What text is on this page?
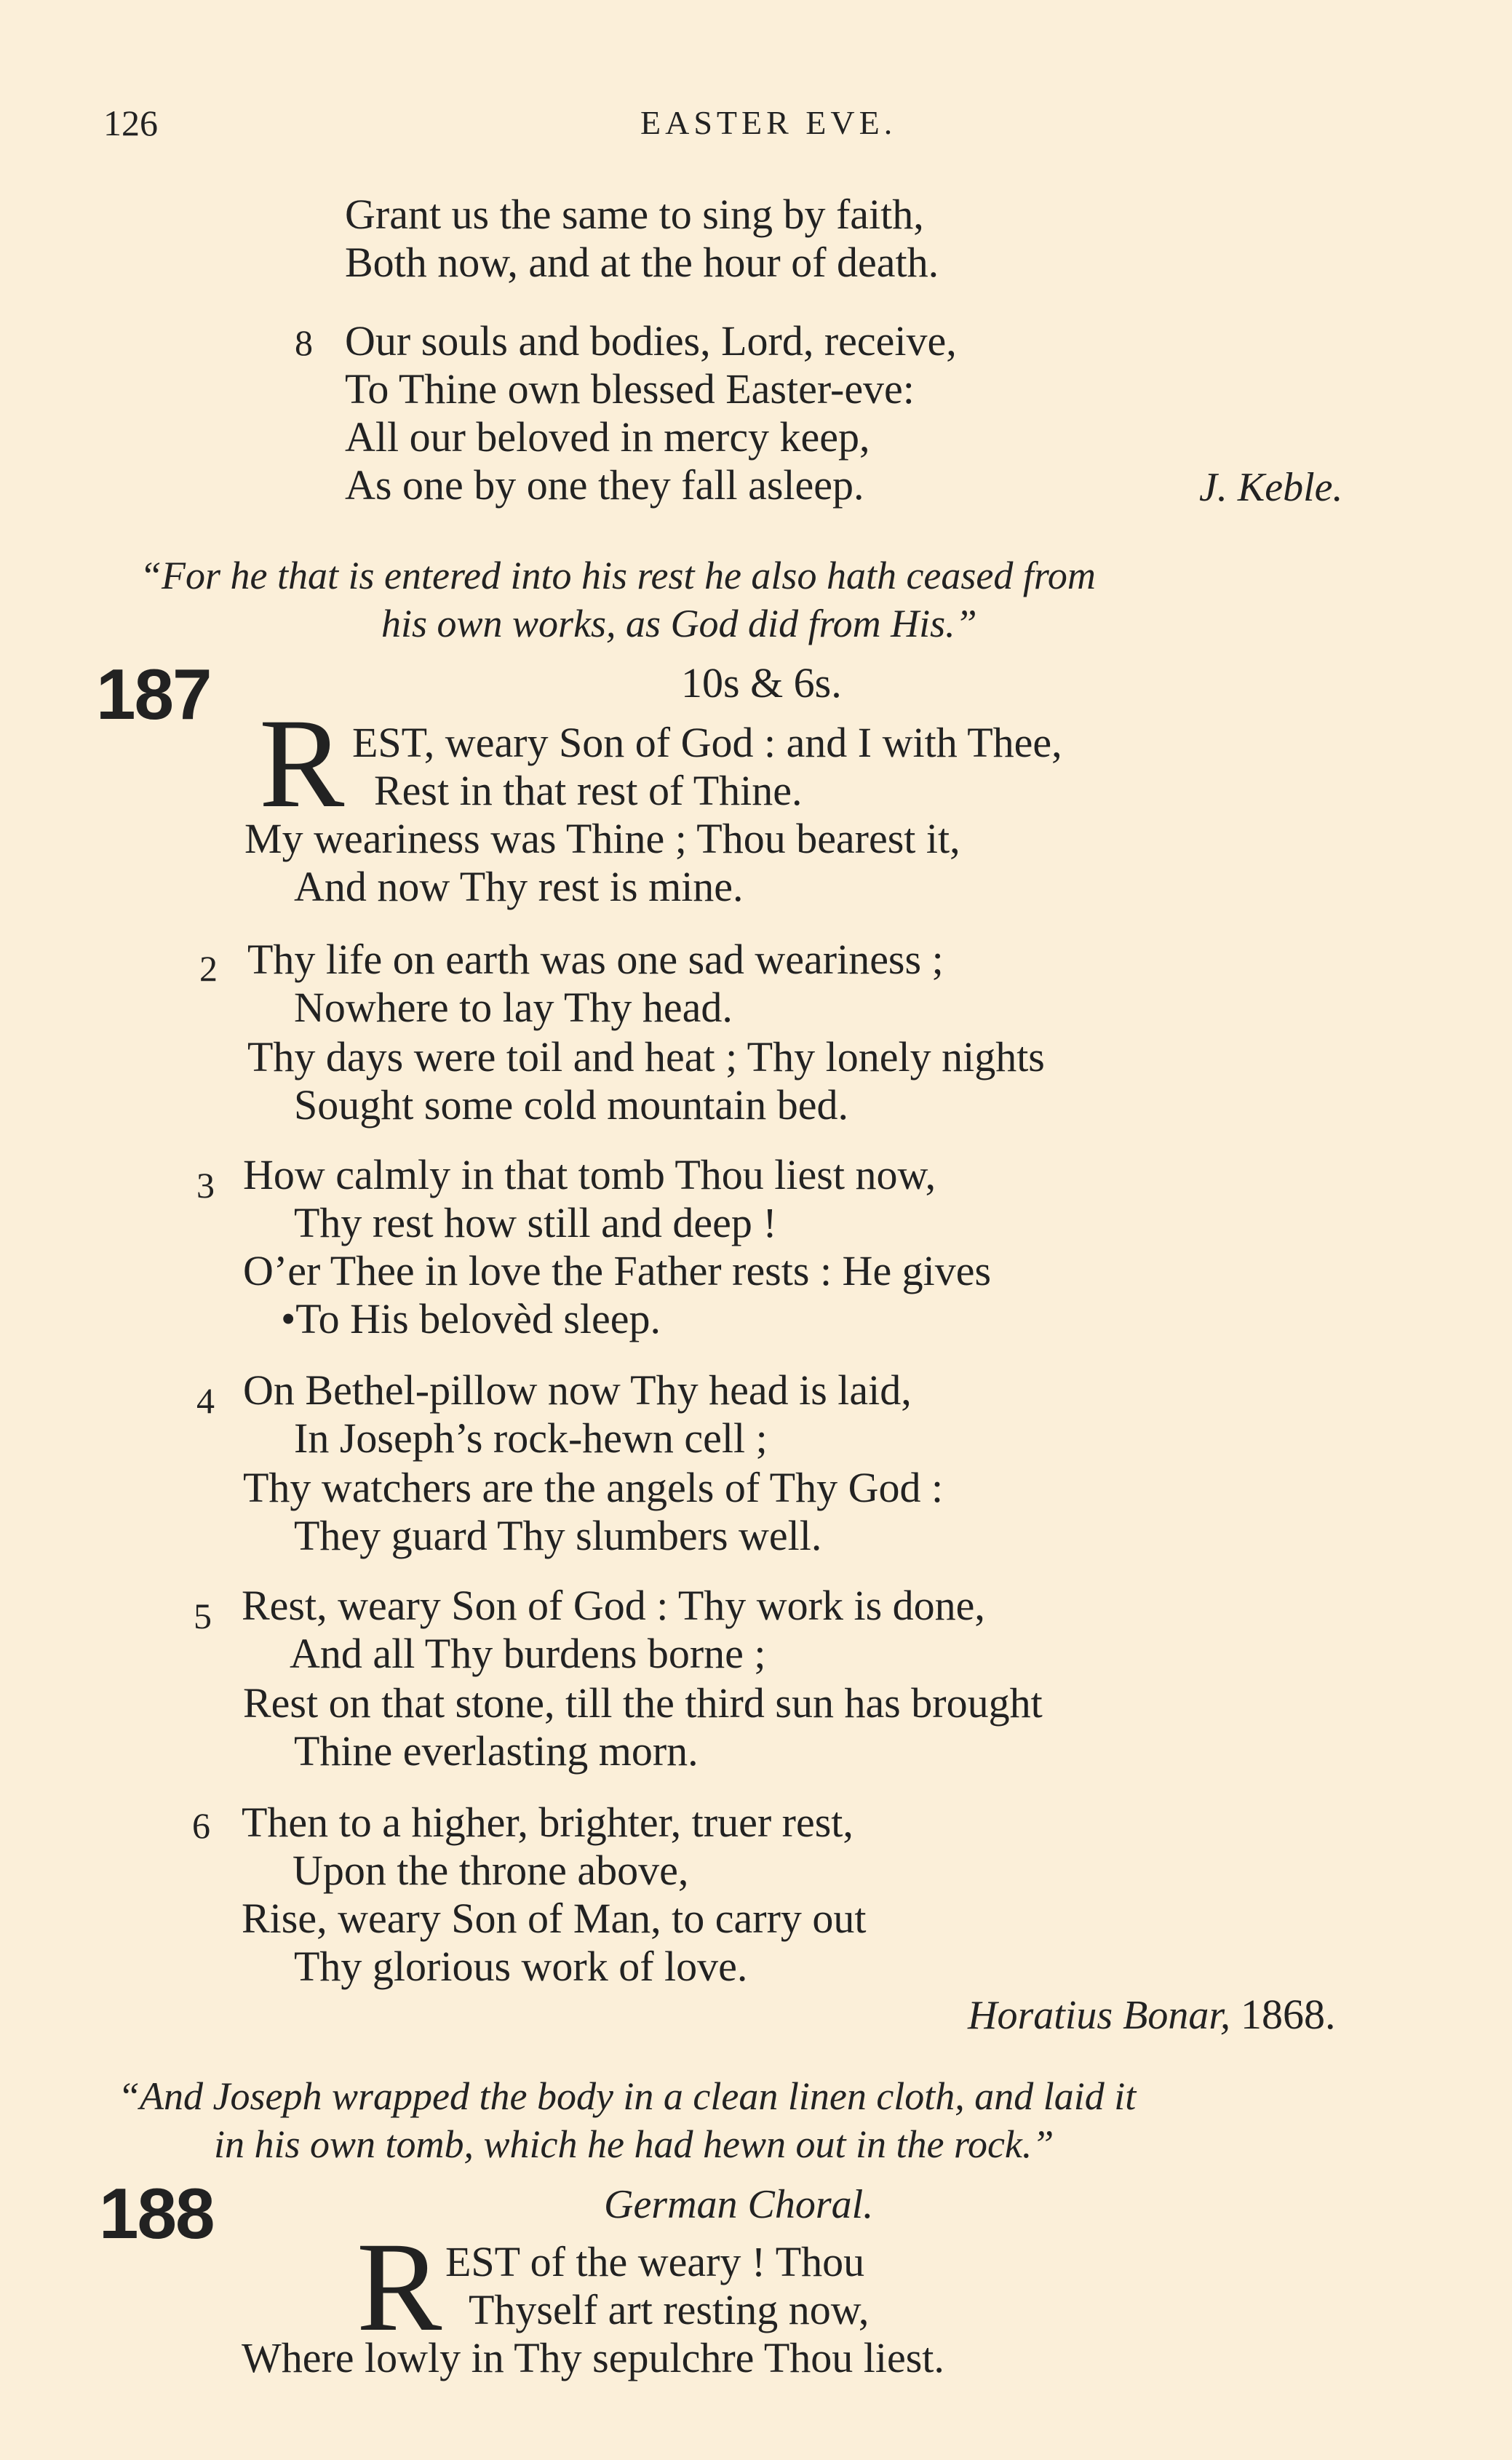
126	EASTER EVE.
Grant us the same to sing by faith,
Both now, and at the hour of death.
8 Our souls and bodies, Lord, receive,
To Thine own blessed Easter-eve:
All our beloved in mercy keep,
As one by one they fall asleep.	J. Keble.
“For he that is entered into his rest he also hath ceased from
his own works, as God did from His.”
187	10s & 6s.
R EST, weary Son of God : and I with Thee,
Rest in that rest of Thine.
My weariness was Thine ; Thou bearest it,
And now Thy rest is mine.
2 Thy life on earth was one sad weariness ;
Nowhere to lay Thy head.
Thy days were toil and heat ; Thy lonely nights
Sought some cold mountain bed.
3 How calmly in that tomb Thou liest now,
Thy rest how still and deep !
O’er Thee in love the Father rests : He gives
•To His belovèd sleep.
4 On Bethel-pillow now Thy head is laid,
In Joseph’s rock-hewn cell ;
Thy watchers are the angels of Thy God :
They guard Thy slumbers well.
5 Rest, weary Son of God : Thy work is done,
And all Thy burdens borne ;
Rest on that stone, till the third sun has brought
Thine everlasting morn.
6 Then to a higher, brighter, truer rest,
Upon the throne above,
Rise, weary Son of Man, to carry out
Thy glorious work of love.
Horatius Bonar, 1868.
“And Joseph wrapped the body in a clean linen cloth, and laid it
in his own tomb, which he had hewn out in the rock.”
188	German Choral.
R EST of the weary ! Thou
Thyself art resting now,
Where lowly in Thy sepulchre Thou liest.
